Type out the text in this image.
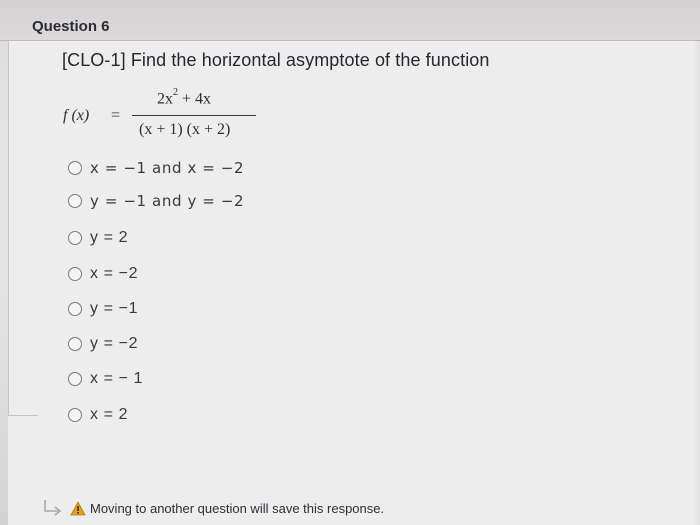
Question 6
[CLO-1] Find the horizontal asymptote of the function
f (x) =
$2x^2 + 4x$
(x + 1) (x + 2)
x = −1 and x = −2
y = −1 and y = −2
y = 2
x = −2
y = −1
y = −2
x = − 1
x = 2
Moving to another question will save this response.
